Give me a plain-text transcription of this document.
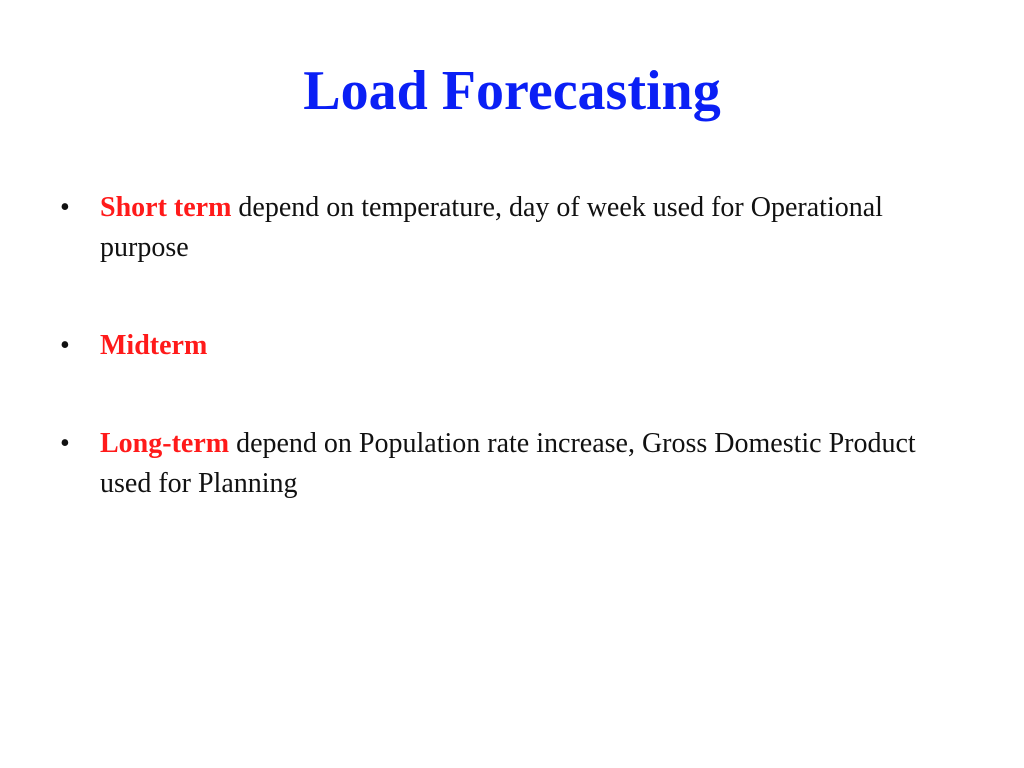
Load Forecasting
•	Short term depend on temperature, day of week used for Operational purpose
•	Midterm
•	Long-term depend on Population rate increase, Gross Domestic Product used for Planning
